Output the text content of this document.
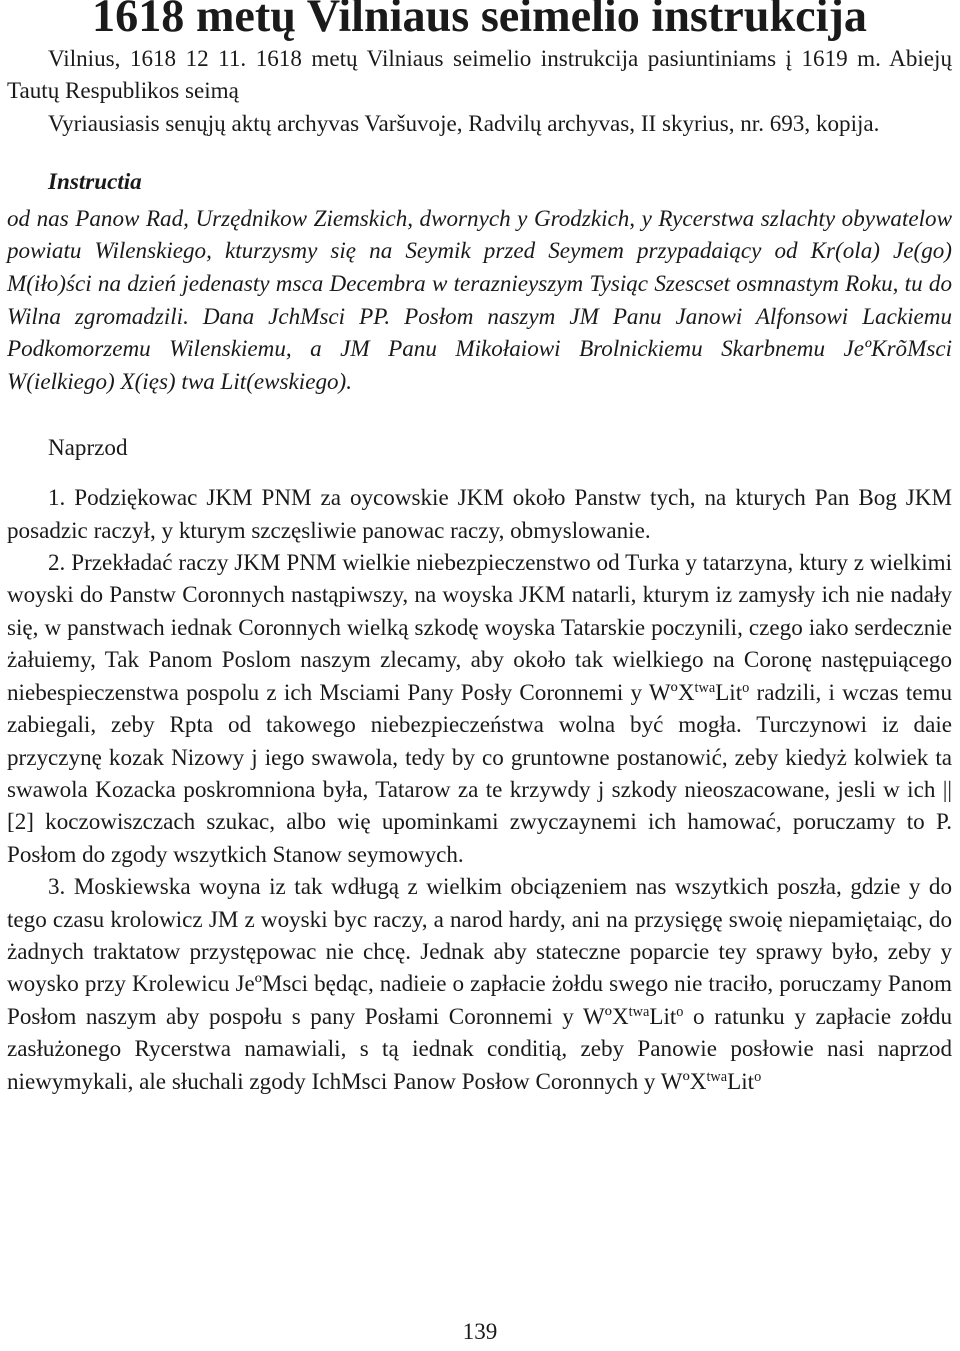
1618 metų Vilniaus seimelio instrukcija

Vilnius, 1618 12 11. 1618 metų Vilniaus seimelio instrukcija pasiuntiniams į 1619 m. Abiejų Tautų Respublikos seimą

Vyriausiasis senųjų aktų archyvas Varšuvoje, Radvilų archyvas, II skyrius, nr. 693, kopija.

Instructia

od nas Panow Rad, Urzędnikow Ziemskich, dwornych y Grodzkich, y Rycerstwa szlachty obywatelow powiatu Wilenskiego, kturzysmy się na Seymik przed Seymem przypadaiący od Kr(ola) Je(go) M(iło)ści na dzień jedenasty msca Decembra w teraznieyszym Tysiąc Szescset osmnastym Roku, tu do Wilna zgromadzili. Dana JchMsci PP. Posłom naszym JM Panu Janowi Alfonsowi Lackiemu Podkomorzemu Wilenskiemu, a JM Panu Mikołaiowi Brolnickiemu Skarbnemu JeºKrõMsci W(ielkiego) X(ięs) twa Lit(ewskiego).

Naprzod

1. Podziękowac JKM PNM za oycowskie JKM około Panstw tych, na kturych Pan Bog JKM posadzic raczył, y kturym szczęsliwie panowac raczy, obmyslowanie.

2. Przekładać raczy JKM PNM wielkie niebezpieczenstwo od Turka y tatarzyna, ktury z wielkimi woyski do Panstw Coronnych nastąpiwszy, na woyska JKM natarli, kturym iz zamysły ich nie nadały się, w panstwach iednak Coronnych wielką szkodę woyska Tatarskie poczynili, czego iako serdecznie żałuiemy, Tak Panom Poslom naszym zlecamy, aby około tak wielkiego na Coronę następuiącego niebespieczenstwa pospolu z ich Msciami Pany Posły Coronnemi y WºX$^{twa}$Lit$^o$ radzili, i wczas temu zabiegali, zeby Rpta od takowego niebezpieczeństwa wolna być mogła. Turczynowi iz daie przyczynę kozak Nizowy j iego swawola, tedy by co gruntowne postanowić, zeby kiedyż kolwiek ta swawola Kozacka poskromniona była, Tatarow za te krzywdy j szkody nieoszacowane, jesli w ich || [2] koczowiszczach szukac, albo wię upominkami zwyczaynemi ich hamować, poruczamy to P. Posłom do zgody wszytkich Stanow seymowych.

3. Moskiewska woyna iz tak wdługą z wielkim obciązeniem nas wszytkich poszła, gdzie y do tego czasu krolowicz JM z woyski byc raczy, a narod hardy, ani na przysięgę swoię niepamiętaiąc, do żadnych traktatow przystępowac nie chcę. Jednak aby stateczne poparcie tey sprawy było, zeby y woysko przy Krolewicu JeºMsci będąc, nadieie o zapłacie żołdu swego nie traciło, poruczamy Panom Posłom naszym aby pospołu s pany Posłami Coronnemi y WºX$^{twa}$Lit$^o$ o ratunku y zapłacie zołdu zasłużonego Rycerstwa namawiali, s tą iednak conditią, zeby Panowie posłowie nasi naprzod niewymykali, ale słuchali zgody IchMsci Panow Posłow Coronnych y WºX$^{twa}$Lit$^o$

139
